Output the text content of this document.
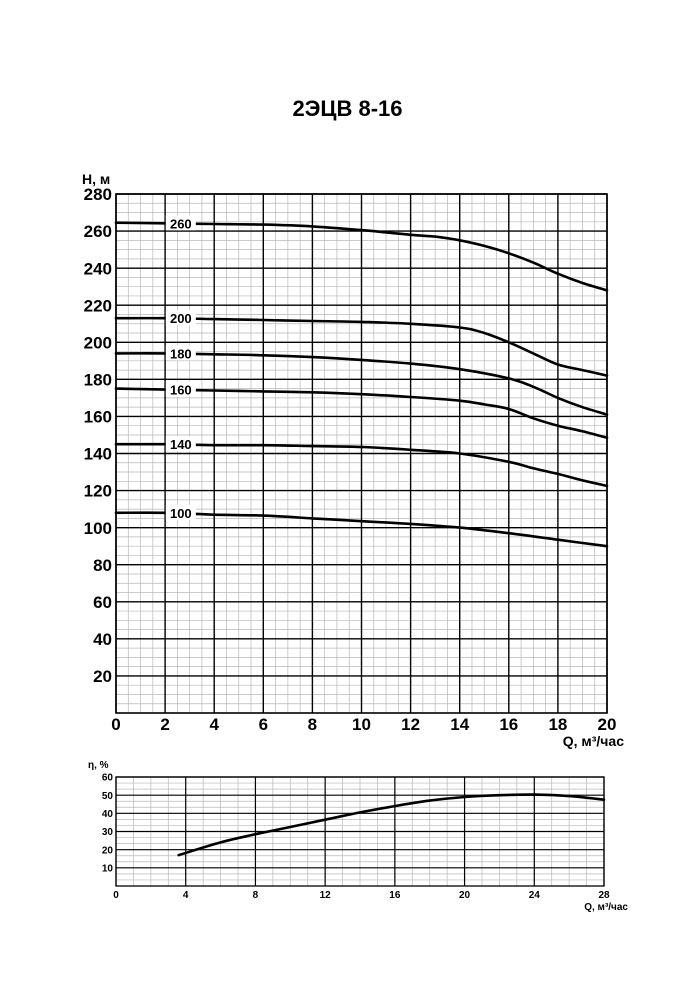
2ЭЦВ 8-16
0 2 4 6 8 10 12 14 16 18 20
20
40
60
80
100
120
140
160
180
200
220
240
260
280
H, м
Q, м³/час
0	4	8	12	16	20	24	28
10
20
30
40
50
60
η, %
Q, м³/час
260
200
180
160
140
100
